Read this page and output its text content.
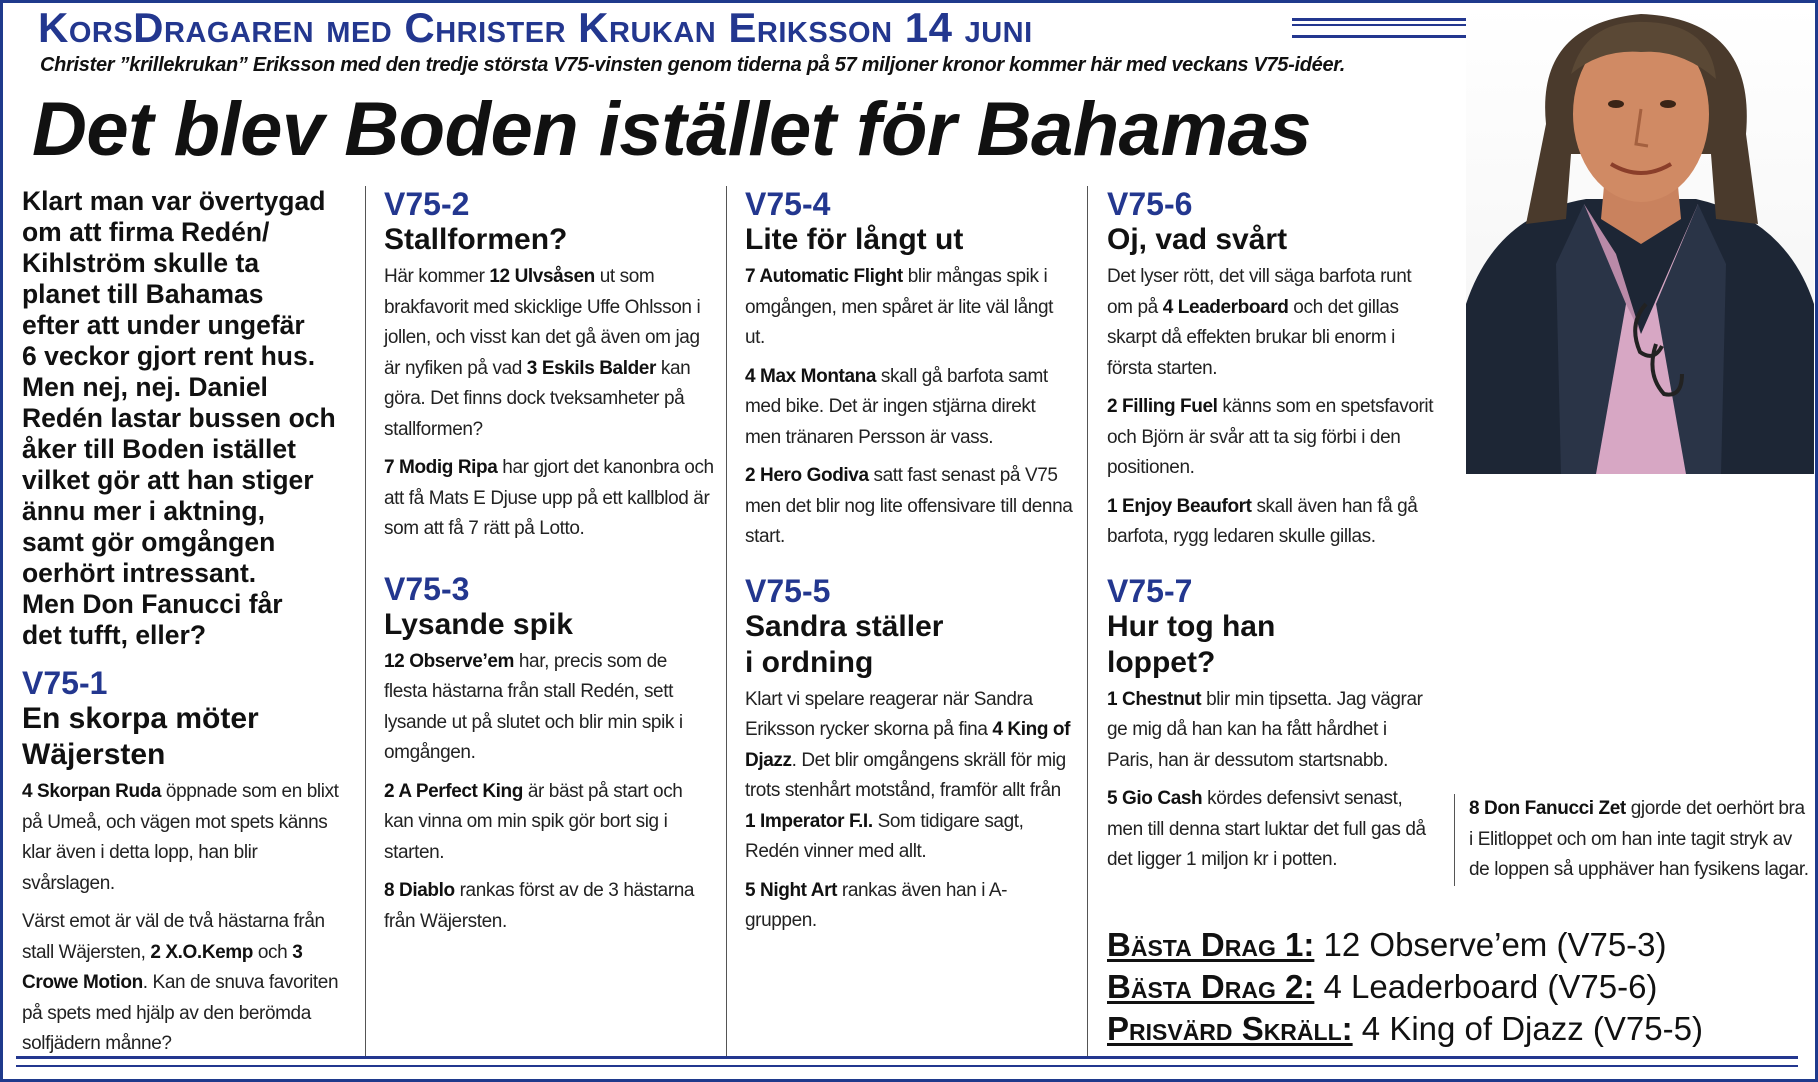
KorsDragaren med Christer Krukan Eriksson 14 juni
Christer ”krillekrukan” Eriksson med den tredje största V75-vinsten genom tiderna på 57 miljoner kronor kommer här med veckans V75-idéer.
Det blev Boden istället för Bahamas

Klart man var övertygad
om att firma Redén/
Kihlström skulle ta
planet till Bahamas
efter att under ungefär
6 veckor gjort rent hus.
Men nej, nej. Daniel
Redén lastar bussen och
åker till Boden istället
vilket gör att han stiger
ännu mer i aktning,
samt gör omgången
oerhört intressant.
Men Don Fanucci får
det tufft, eller?

V75-1

En skorpa möter
Wäjersten

4 Skorpan Ruda öppnade som en blixt på Umeå, och vägen mot spets känns klar även i detta lopp, han blir svårslagen.

Värst emot är väl de två hästarna från stall Wäjersten, 2 X.O.Kemp och 3 Crowe Motion. Kan de snuva favoriten på spets med hjälp av den berömda solfjädern månne?

V75-2

Stallformen?

Här kommer 12 Ulvsåsen ut som brakfavorit med skicklige Uffe Ohlsson i jollen, och visst kan det gå även om jag är nyfiken på vad 3 Eskils Balder kan göra. Det finns dock tveksamheter på stallformen?

7 Modig Ripa har gjort det kanonbra och att få Mats E Djuse upp på ett kallblod är som att få 7 rätt på Lotto.

V75-3

Lysande spik

12 Observe’em har, precis som de flesta hästarna från stall Redén, sett lysande ut på slutet och blir min spik i omgången.

2 A Perfect King är bäst på start och kan vinna om min spik gör bort sig i starten.

8 Diablo rankas först av de 3 hästarna från Wäjersten.

V75-4

Lite för långt ut

7 Automatic Flight blir mångas spik i omgången, men spåret är lite väl långt ut.

4 Max Montana skall gå barfota samt med bike. Det är ingen stjärna direkt men tränaren Persson är vass.

2 Hero Godiva satt fast senast på V75 men det blir nog lite offensivare till denna start.

V75-5

Sandra ställer
i ordning

Klart vi spelare reagerar när Sandra Eriksson rycker skorna på fina 4 King of Djazz. Det blir omgångens skräll för mig trots stenhårt motstånd, framför allt från 1 Imperator F.I. Som tidigare sagt, Redén vinner med allt.

5 Night Art rankas även han i A-gruppen.

V75-6

Oj, vad svårt

Det lyser rött, det vill säga barfota runt om på 4 Leaderboard och det gillas skarpt då effekten brukar bli enorm i första starten.

2 Filling Fuel känns som en spetsfavorit och Björn är svår att ta sig förbi i den positionen.

1 Enjoy Beaufort skall även han få gå barfota, rygg ledaren skulle gillas.

V75-7

Hur tog han
loppet?

1 Chestnut blir min tipsetta. Jag vägrar ge mig då han kan ha fått hårdhet i Paris, han är dessutom startsnabb.

5 Gio Cash kördes defensivt senast, men till denna start luktar det full gas då det ligger 1 miljon kr i potten.

8 Don Fanucci Zet gjorde det oerhört bra i Elitloppet och om han inte tagit stryk av de loppen så upphäver han fysikens lagar.

Bästa Drag 1: 12 Observe’em (V75-3)
Bästa Drag 2: 4 Leaderboard (V75-6)
Prisvärd Skräll: 4 King of Djazz (V75-5)
